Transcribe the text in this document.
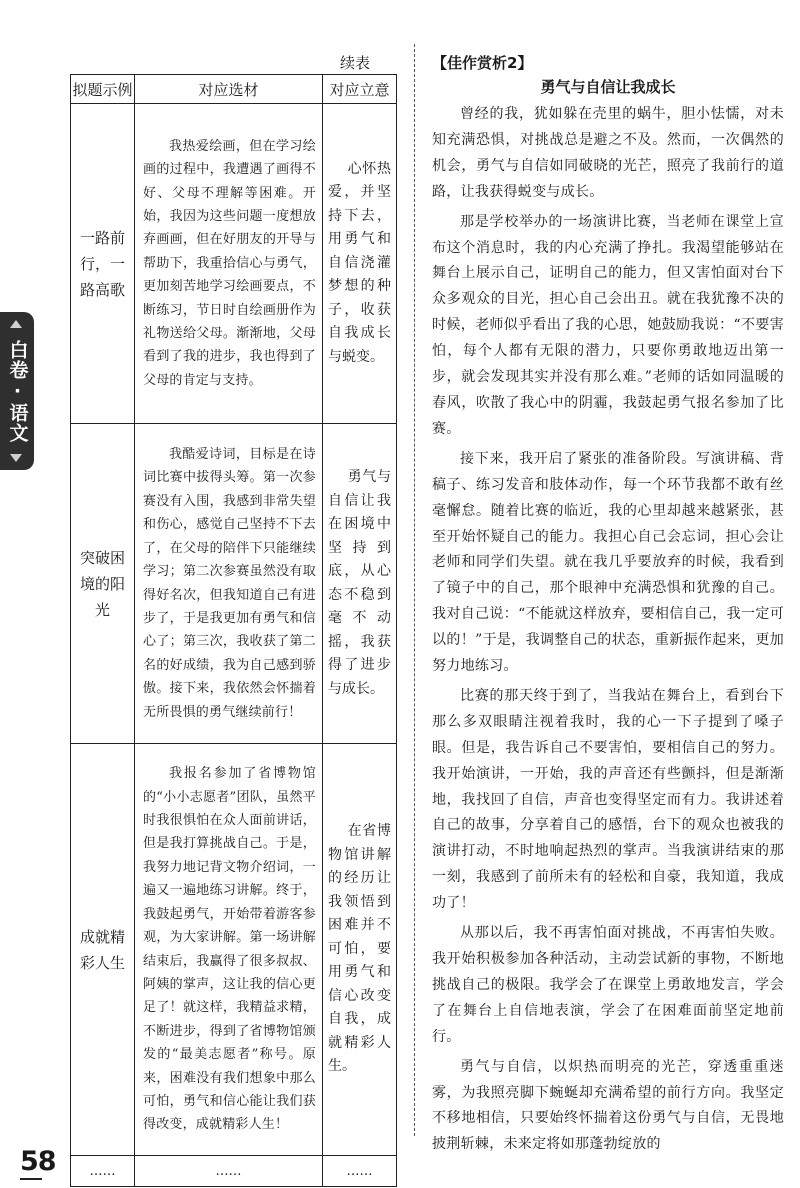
续表
拟题示例	对应选材	对应立意

一路前行，一路高歌	我热爱绘画，但在学习绘画的过程中，我遭遇了画得不好、父母不理解等困难。开始，我因为这些问题一度想放弃画画，但在好朋友的开导与帮助下，我重拾信心与勇气，更加刻苦地学习绘画要点，不断练习，节日时自绘画册作为礼物送给父母。渐渐地，父母看到了我的进步，我也得到了父母的肯定与支持。	心怀热爱，并坚持下去，用勇气和自信浇灌梦想的种子，收获自我成长与蜕变。

突破困境的阳光	我酷爱诗词，目标是在诗词比赛中拔得头筹。第一次参赛没有入围，我感到非常失望和伤心，感觉自己坚持不下去了，在父母的陪伴下只能继续学习；第二次参赛虽然没有取得好名次，但我知道自己有进步了，于是我更加有勇气和信心了；第三次，我收获了第二名的好成绩，我为自己感到骄傲。接下来，我依然会怀揣着无所畏惧的勇气继续前行！	勇气与自信让我在困境中坚持到底，从心态不稳到毫不动摇，我获得了进步与成长。

成就精彩人生	我报名参加了省博物馆的“小小志愿者”团队，虽然平时我很惧怕在众人面前讲话，但是我打算挑战自己。于是，我努力地记背文物介绍词，一遍又一遍地练习讲解。终于，我鼓起勇气，开始带着游客参观，为大家讲解。第一场讲解结束后，我赢得了很多叔叔、阿姨的掌声，这让我的信心更足了！就这样，我精益求精，不断进步，得到了省博物馆颁发的“最美志愿者”称号。原来，困难没有我们想象中那么可怕，勇气和信心能让我们获得改变，成就精彩人生！	在省博物馆讲解的经历让我领悟到困难并不可怕，要用勇气和信心改变自我，成就精彩人生。

……	……	……
白卷·语文
【佳作赏析2】
勇气与自信让我成长

曾经的我，犹如躲在壳里的蜗牛，胆小怯懦，对未知充满恐惧，对挑战总是避之不及。然而，一次偶然的机会，勇气与自信如同破晓的光芒，照亮了我前行的道路，让我获得蜕变与成长。

那是学校举办的一场演讲比赛，当老师在课堂上宣布这个消息时，我的内心充满了挣扎。我渴望能够站在舞台上展示自己，证明自己的能力，但又害怕面对台下众多观众的目光，担心自己会出丑。就在我犹豫不决的时候，老师似乎看出了我的心思，她鼓励我说：“不要害怕，每个人都有无限的潜力，只要你勇敢地迈出第一步，就会发现其实并没有那么难。”老师的话如同温暖的春风，吹散了我心中的阴霾，我鼓起勇气报名参加了比赛。

接下来，我开启了紧张的准备阶段。写演讲稿、背稿子、练习发音和肢体动作，每一个环节我都不敢有丝毫懈怠。随着比赛的临近，我的心里却越来越紧张，甚至开始怀疑自己的能力。我担心自己会忘词，担心会让老师和同学们失望。就在我几乎要放弃的时候，我看到了镜子中的自己，那个眼神中充满恐惧和犹豫的自己。我对自己说：“不能就这样放弃，要相信自己，我一定可以的！”于是，我调整自己的状态，重新振作起来，更加努力地练习。

比赛的那天终于到了，当我站在舞台上，看到台下那么多双眼睛注视着我时，我的心一下子提到了嗓子眼。但是，我告诉自己不要害怕，要相信自己的努力。我开始演讲，一开始，我的声音还有些颤抖，但是渐渐地，我找回了自信，声音也变得坚定而有力。我讲述着自己的故事，分享着自己的感悟，台下的观众也被我的演讲打动，不时地响起热烈的掌声。当我演讲结束的那一刻，我感到了前所未有的轻松和自豪，我知道，我成功了！

从那以后，我不再害怕面对挑战，不再害怕失败。我开始积极参加各种活动，主动尝试新的事物，不断地挑战自己的极限。我学会了在课堂上勇敢地发言，学会了在舞台上自信地表演，学会了在困难面前坚定地前行。

勇气与自信，以炽热而明亮的光芒，穿透重重迷雾，为我照亮脚下蜿蜒却充满希望的前行方向。我坚定不移地相信，只要始终怀揣着这份勇气与自信，无畏地披荆斩棘，未来定将如那蓬勃绽放的

58
